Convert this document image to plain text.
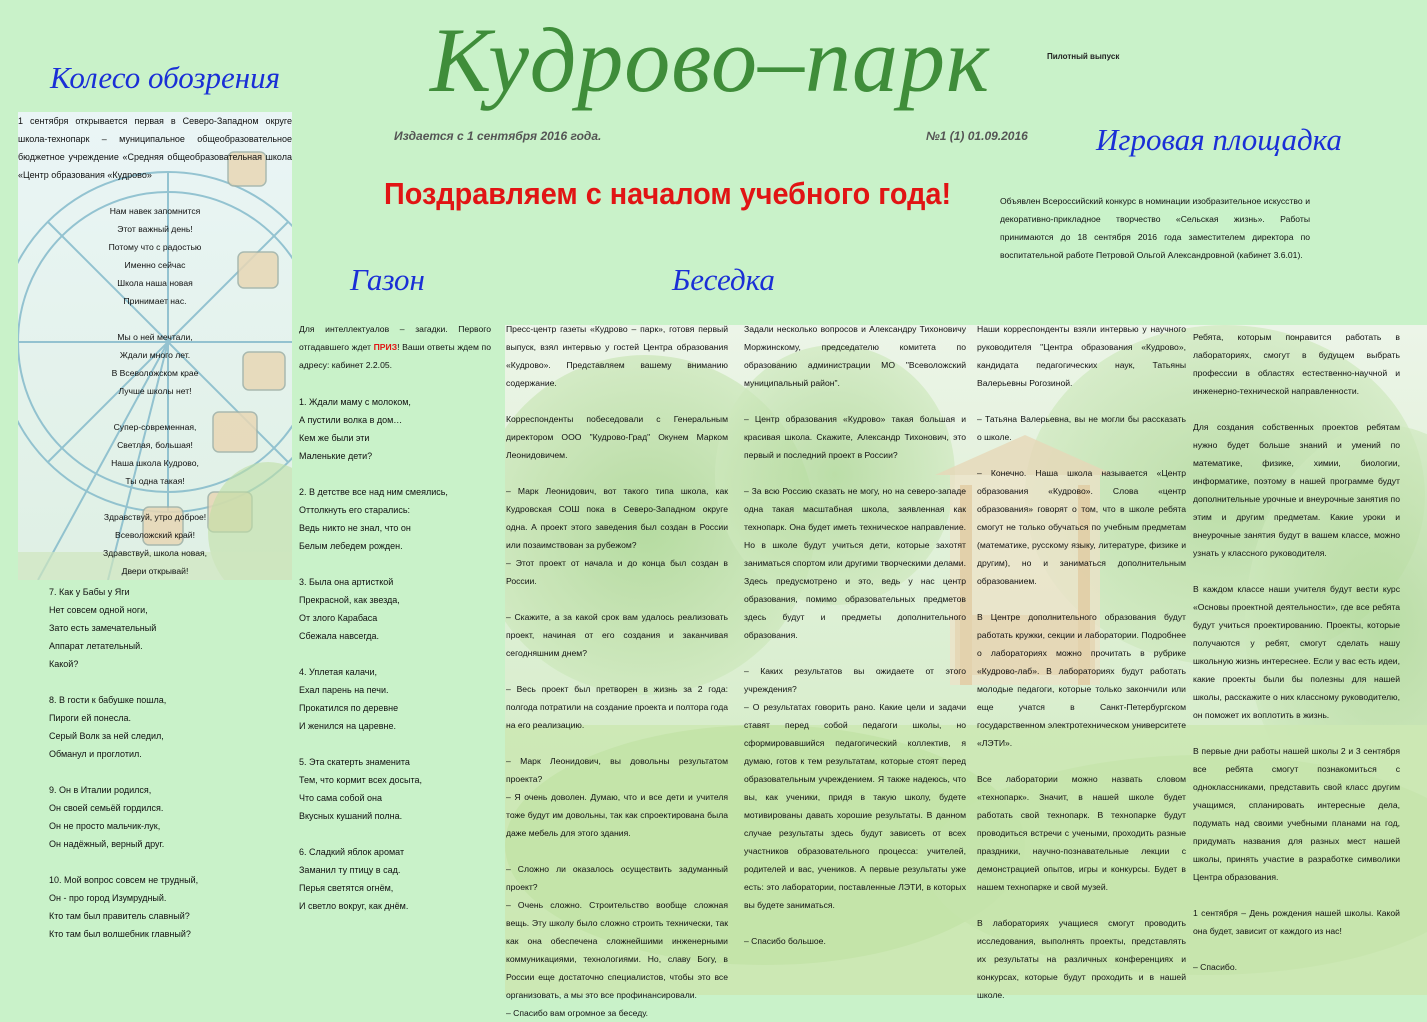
Кудрово–парк	Пилотный выпуск
Издается с 1 сентября 2016 года.	№1 (1) 01.09.2016
Поздравляем с началом учебного года!
Колесо обозрения
Газон	Беседка
Игровая площадка
1 сентября открывается первая в Северо-Западном округе школа-технопарк – муниципальное общеобразовательное бюджетное учреждение «Средняя общеобразовательная школа «Центр образования «Кудрово»
Нам навек запомнится
Этот важный день!
Потому что с радостью
Именно сейчас
Школа наша новая
Принимает нас.
Мы о ней мечтали,
Ждали много лет.
В Всеволожском крае
Лучше школы нет!
Супер-современная,
Светлая, большая!
Наша школа Кудрово,
Ты одна такая!
Здравствуй, утро доброе!
Всеволожский край!
Здравствуй, школа новая,
Двери открывай!
7. Как у Бабы у Яги
Нет совсем одной ноги,
Зато есть замечательный
Аппарат летательный.
Какой?
8. В гости к бабушке пошла,
Пироги ей понесла.
Серый Волк за ней следил,
Обманул и проглотил.
9. Он в Италии родился,
Он своей семьёй гордился.
Он не просто мальчик-лук,
Он надёжный, верный друг.
10. Мой вопрос совсем не трудный,
Он - про город Изумрудный.
Кто там был правитель славный?
Кто там был волшебник главный?
Для интеллектуалов – загадки. Первого отгадавшего ждет ПРИЗ! Ваши ответы ждем по адресу: кабинет 2.2.05.
1. Ждали маму с молоком,
А пустили волка в дом…
Кем же были эти
Маленькие дети?
2. В детстве все над ним смеялись,
Оттолкнуть его старались:
Ведь никто не знал, что он
Белым лебедем рожден.
3. Была она артисткой
Прекрасной, как звезда,
От злого Карабаса
Сбежала навсегда.
4. Уплетая калачи,
Ехал парень на печи.
Прокатился по деревне
И женился на царевне.
5. Эта скатерть знаменита
Тем, что кормит всех досыта,
Что сама собой она
Вкусных кушаний полна.
6. Сладкий яблок аромат
Заманил ту птицу в сад.
Перья светятся огнём,
И светло вокруг, как днём.

Пресс-центр газеты «Кудрово – парк», готовя первый выпуск, взял интервью у гостей Центра образования «Кудрово». Представляем вашему вниманию содержание.

Корреспонденты побеседовали с Генеральным директором ООО "Кудрово-Град" Окунем Марком Леонидовичем.

– Марк Леонидович, вот такого типа школа, как Кудровская СОШ пока в Северо-Западном округе одна. А проект этого заведения был создан в России или позаимствован за рубежом?

– Этот проект от начала и до конца был создан в России.

– Скажите, а за какой срок вам удалось реализовать проект, начиная от его создания и заканчивая сегодняшним днем?

– Весь проект был претворен в жизнь за 2 года: полгода потратили на создание проекта и полтора года на его реализацию.

– Марк Леонидович, вы довольны результатом проекта?

– Я очень доволен. Думаю, что и все дети и учителя тоже будут им довольны, так как спроектирована была даже мебель для этого здания.

– Сложно ли оказалось осуществить задуманный проект?
– Очень сложно. Строительство вообще сложная вещь. Эту школу было сложно строить технически, так как она обеспечена сложнейшими инженерными коммуникациями, технологиями. Но, славу Богу, в России еще достаточно специалистов, чтобы это все организовать, а мы это все профинансировали.
– Спасибо вам огромное за беседу.

Задали несколько вопросов и Александру Тихоновичу Моржинскому, председателю комитета по образованию администрации МО "Всеволожский муниципальный район".

– Центр образования «Кудрово» такая большая и красивая школа. Скажите, Александр Тихонович, это первый и последний проект в России?

– За всю Россию сказать не могу, но на северо-западе одна такая масштабная школа, заявленная как технопарк. Она будет иметь техническое направление. Но в школе будут учиться дети, которые захотят заниматься спортом или другими творческими делами. Здесь предусмотрено и это, ведь у нас центр образования, помимо образовательных предметов здесь будут и предметы дополнительного образования.

– Каких результатов вы ожидаете от этого учреждения?

– О результатах говорить рано. Какие цели и задачи ставят перед собой педагоги школы, но сформировавшийся педагогический коллектив, я думаю, готов к тем результатам, которые стоят перед образовательным учреждением. Я также надеюсь, что вы, как ученики, придя в такую школу, будете мотивированы давать хорошие результаты. В данном случае результаты здесь будут зависеть от всех участников образовательного процесса: учителей, родителей и вас, учеников. А первые результаты уже есть: это лаборатории, поставленные ЛЭТИ, в которых вы будете заниматься.

– Спасибо большое.

Наши корреспонденты взяли интервью у научного руководителя "Центра образования «Кудрово», кандидата педагогических наук, Татьяны Валерьевны Рогозиной.

– Татьяна Валерьевна, вы не могли бы рассказать о школе.

– Конечно. Наша школа называется «Центр образования «Кудрово». Слова «центр образования» говорят о том, что в школе ребята смогут не только обучаться по учебным предметам (математике, русскому языку, литературе, физике и другим), но и заниматься дополнительным образованием.

В Центре дополнительного образования будут работать кружки, секции и лаборатории. Подробнее о лабораториях можно прочитать в рубрике «Кудрово-лаб». В лабораториях будут работать молодые педагоги, которые только закончили или еще учатся в Санкт-Петербургском государственном электротехническом университете «ЛЭТИ».

Все лаборатории можно назвать словом «технопарк». Значит, в нашей школе будет работать свой технопарк. В технопарке будут проводиться встречи с учеными, проходить разные праздники, научно-познавательные лекции с демонстрацией опытов, игры и конкурсы. Будет в нашем технопарке и свой музей.

В лабораториях учащиеся смогут проводить исследования, выполнять проекты, представлять их результаты на различных конференциях и конкурсах, которые будут проходить и в нашей школе.
Объявлен Всероссийский конкурс в номинации изобразительное искусство и декоративно-прикладное творчество «Сельская жизнь». Работы принимаются до 18 сентября 2016 года заместителем директора по воспитательной работе Петровой Ольгой Александровной (кабинет 3.6.01).

Ребята, которым понравится работать в лабораториях, смогут в будущем выбрать профессии в областях естественно-научной и инженерно-технической направленности.

Для создания собственных проектов ребятам нужно будет больше знаний и умений по математике, физике, химии, биологии, информатике, поэтому в нашей программе будут дополнительные урочные и внеурочные занятия по этим и другим предметам. Какие уроки и внеурочные занятия будут в вашем классе, можно узнать у классного руководителя.

В каждом классе наши учителя будут вести курс «Основы проектной деятельности», где все ребята будут учиться проектированию. Проекты, которые получаются у ребят, смогут сделать нашу школьную жизнь интереснее. Если у вас есть идеи, какие проекты были бы полезны для нашей школы, расскажите о них классному руководителю, он поможет их воплотить в жизнь.

В первые дни работы нашей школы 2 и 3 сентября все ребята смогут познакомиться с одноклассниками, представить свой класс другим учащимся, спланировать интересные дела, подумать над своими учебными планами на год, придумать названия для разных мест нашей школы, принять участие в разработке символики Центра образования.

1 сентября – День рождения нашей школы. Какой она будет, зависит от каждого из нас!

– Спасибо.
